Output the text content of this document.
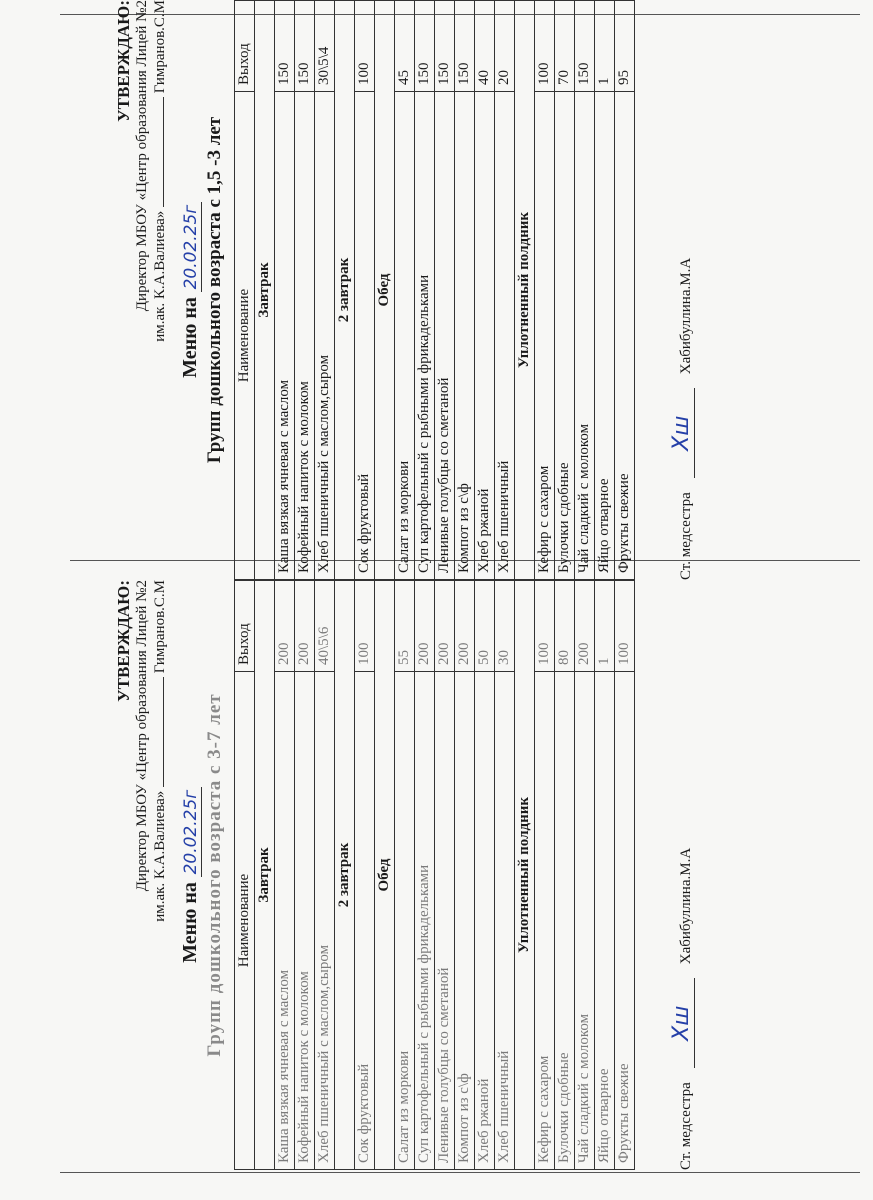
УТВЕРЖДАЮ: Директор МБОУ «Центр образования Лицей №2 им.ак. К.А.Валиева»  Гимранов.С.М
Меню на 20.02.25г Групп дошкольного возраста с 1,5 -3 лет Наименование	Выход
Завтрак	
Каша вязкая ячневая с маслом	150
Кофейный напиток с молоком	150
Хлеб пшеничный с маслом,сыром	30\5\4
2 завтрак	
Сок фруктовый	100
Обед	
Салат из моркови	45
Суп картофельный с рыбными фрикадельками	150
Ленивые голубцы со сметаной	150
Компот из с\ф	150
Хлеб ржаной	40
Хлеб пшеничный	20
Уплотненный полдник	
Кефир с сахаром	100
Булочки сдобные	70
Чай сладкий с молоком	150
Яйцо отварное	1
Фрукты свежие	95
Ст. медсестра
Хш
Хабибуллина.М.А
УТВЕРЖДАЮ: Директор МБОУ «Центр образования Лицей №2 им.ак. К.А.Валиева»  Гимранов.С.М
Меню на 20.02.25г Групп дошкольного возраста с 3-7 лет Наименование	Выход
Завтрак	
Каша вязкая ячневая с маслом	200
Кофейный напиток с молоком	200
Хлеб пшеничный с маслом,сыром	40\5\6
2 завтрак	
Сок фруктовый	100
Обед	
Салат из моркови	55
Суп картофельный с рыбными фрикадельками	200
Ленивые голубцы со сметаной	200
Компот из с\ф	200
Хлеб ржаной	50
Хлеб пшеничный	30
Уплотненный полдник	
Кефир с сахаром	100
Булочки сдобные	80
Чай сладкий с молоком	200
Яйцо отварное	1
Фрукты свежие	100
Ст. медсестра
Хш
Хабибуллина.М.А
